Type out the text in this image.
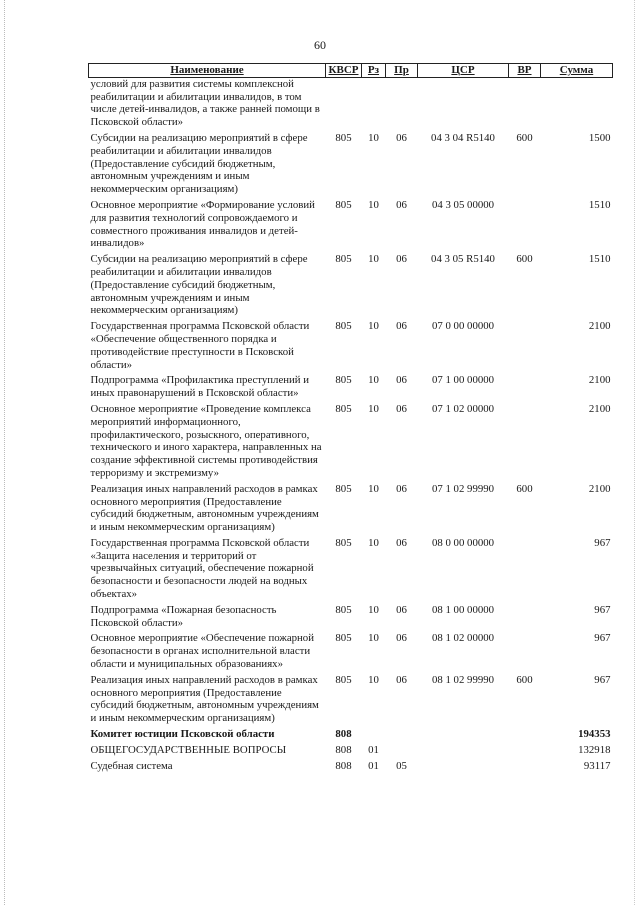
60
Наименование	КВСР	Рз	Пр	ЦСР	ВР	Сумма
условий для развития системы комплексной реабилитации и абилитации инвалидов, в том числе детей-инвалидов, а также ранней помощи в Псковской области»						
Субсидии на реализацию мероприятий в сфере реабилитации и абилитации инвалидов (Предоставление субсидий бюджетным, автономным учреждениям и иным некоммерческим организациям)	805	10	06	04 3 04 R5140	600	1500
Основное мероприятие «Формирование условий для развития технологий сопровождаемого и совместного проживания инвалидов и детей-инвалидов»	805	10	06	04 3 05 00000		1510
Субсидии на реализацию мероприятий в сфере реабилитации и абилитации инвалидов (Предоставление субсидий бюджетным, автономным учреждениям и иным некоммерческим организациям)	805	10	06	04 3 05 R5140	600	1510
Государственная программа Псковской области «Обеспечение общественного порядка и противодействие преступности в Псковской области»	805	10	06	07 0 00 00000		2100
Подпрограмма «Профилактика преступлений и иных правонарушений в Псковской области»	805	10	06	07 1 00 00000		2100
Основное мероприятие «Проведение комплекса мероприятий информационного, профилактического, розыскного, оперативного, технического и иного характера, направленных на создание эффективной системы противодействия терроризму и экстремизму»	805	10	06	07 1 02 00000		2100
Реализация иных направлений расходов в рамках основного мероприятия (Предоставление субсидий бюджетным, автономным учреждениям и иным некоммерческим организациям)	805	10	06	07 1 02 99990	600	2100
Государственная программа Псковской области «Защита населения и территорий от чрезвычайных ситуаций, обеспечение пожарной безопасности и безопасности людей на водных объектах»	805	10	06	08 0 00 00000		967
Подпрограмма «Пожарная безопасность Псковской области»	805	10	06	08 1 00 00000		967
Основное мероприятие «Обеспечение пожарной безопасности в органах исполнительной власти области и муниципальных образованиях»	805	10	06	08 1 02 00000		967
Реализация иных направлений расходов в рамках основного мероприятия (Предоставление субсидий бюджетным, автономным учреждениям и иным некоммерческим организациям)	805	10	06	08 1 02 99990	600	967
Комитет юстиции Псковской области	808					194353
ОБЩЕГОСУДАРСТВЕННЫЕ ВОПРОСЫ	808	01				132918
Судебная система	808	01	05			93117
